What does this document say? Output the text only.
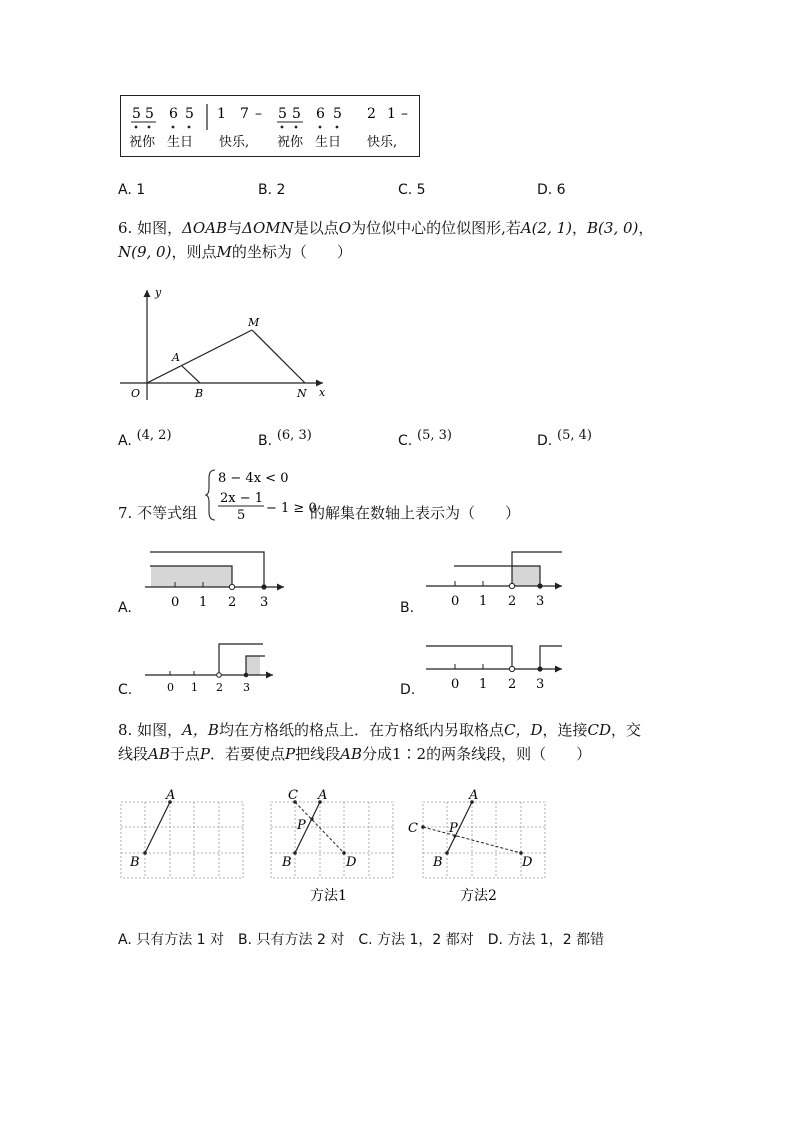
5 5 6 5 1 7 – 5 5 6 5 2 1 –
祝你 生日 快乐, 祝你 生日 快乐,
A. 1	B. 2	C. 5	D. 6
6. 如图，ΔOAB与ΔOMN是以点O为位似中心的位似图形,若A(2, 1)，B(3, 0)，
N(9, 0)，则点M的坐标为（　　）
y
x
O
A
B
M
N
A. (4, 2)	B. (6, 3)	C. (5, 3)	D. (5, 4)
7. 不等式组
8 − 4x < 0
2x − 1
5 − 1 ≥ 0
的解集在数轴上表示为（　　）
A.	0 1 2 3	B.	0 1 2 3
C.	0 1 2 3	D.	0 1 2 3
8. 如图，A，B均在方格纸的格点上．在方格纸内另取格点C，D，连接CD，交
线段AB于点P．若要使点P把线段AB分成1∶2的两条线段，则（　　）
A
B
C A
P
B	D
方法1
C
A
P
B	D
方法2
A. 只有方法 1 对　B. 只有方法 2 对　C. 方法 1，2 都对　D. 方法 1，2 都错
